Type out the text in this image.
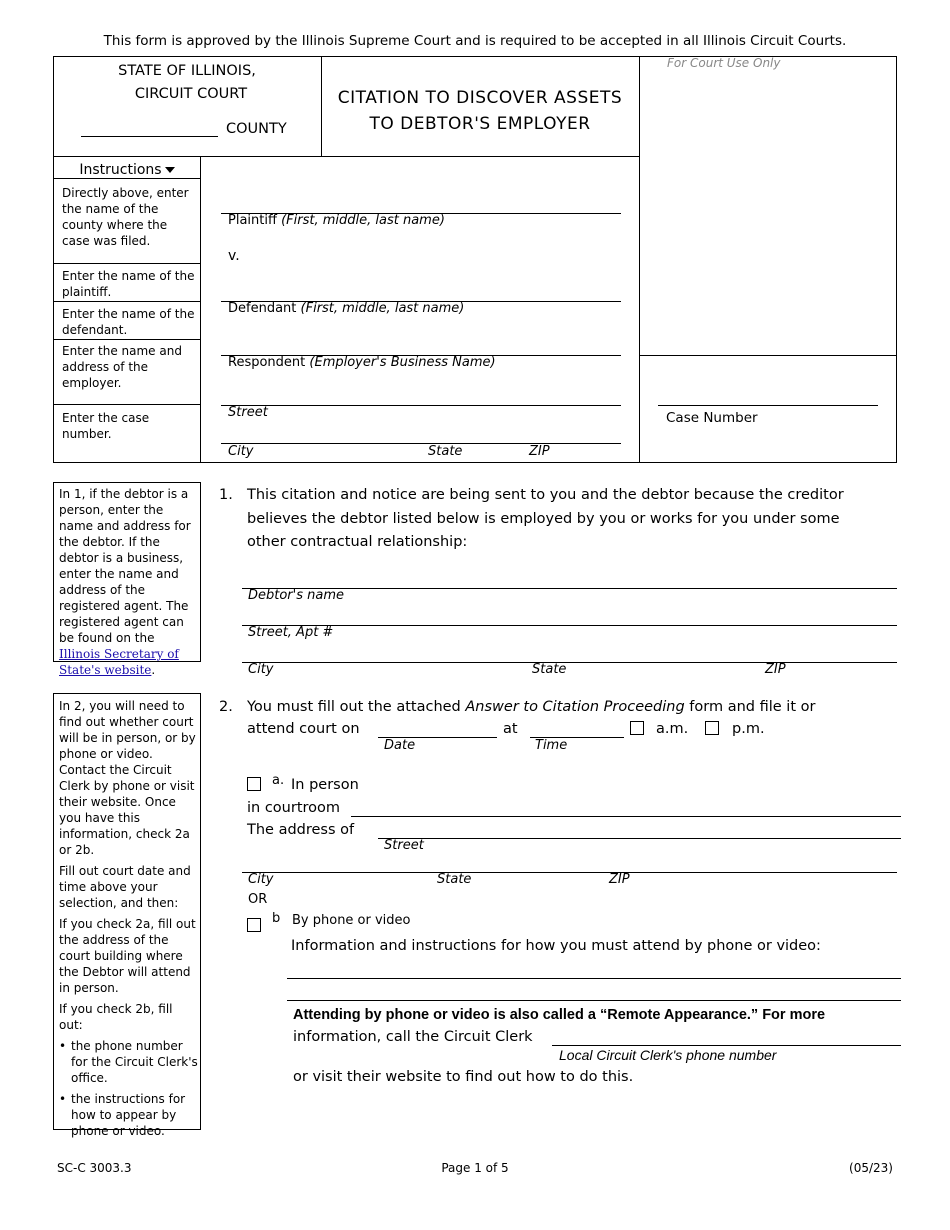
This form is approved by the Illinois Supreme Court and is required to be accepted in all Illinois Circuit Courts.
STATE OF ILLINOIS,
CIRCUIT COURT
COUNTY
CITATION TO DISCOVER ASSETS
TO DEBTOR'S EMPLOYER
For Court Use Only
Case Number
Instructions
Directly above, enter the name of the county where the case was filed.
Enter the name of the plaintiff.
Enter the name of the defendant.
Enter the name and address of the employer.
Enter the case number.
Plaintiff (First, middle, last name)
v.
Defendant (First, middle, last name)
Respondent (Employer's Business Name)
Street
City	State	ZIP
In 1, if the debtor is a person, enter the name and address for the debtor. If the debtor is a business, enter the name and address of the registered agent. The registered agent can be found on the Illinois Secretary of State's website.
1. This citation and notice are being sent to you and the debtor because the creditor believes the debtor listed below is employed by you or works for you under some other contractual relationship:
Debtor's name
Street, Apt #
City	State	ZIP
In 2, you will need to find out whether court will be in person, or by phone or video. Contact the Circuit Clerk by phone or visit their website. Once you have this information, check 2a or 2b.
Fill out court date and time above your selection, and then:
If you check 2a, fill out the address of the court building where the Debtor will attend in person.
If you check 2b, fill out:
• the phone number for the Circuit Clerk's office.
• the instructions for how to appear by phone or video.
2. You must fill out the attached Answer to Citation Proceeding form and file it or
attend court on
Date
at
Time
a.m.	p.m.
a. In person
in courtroom
The address of
Street
City	State	ZIP
OR
b By phone or video
Information and instructions for how you must attend by phone or video:
Attending by phone or video is also called a “Remote Appearance.” For more
information, call the Circuit Clerk
Local Circuit Clerk's phone number
or visit their website to find out how to do this.
SC-C 3003.3	Page 1 of 5	(05/23)
